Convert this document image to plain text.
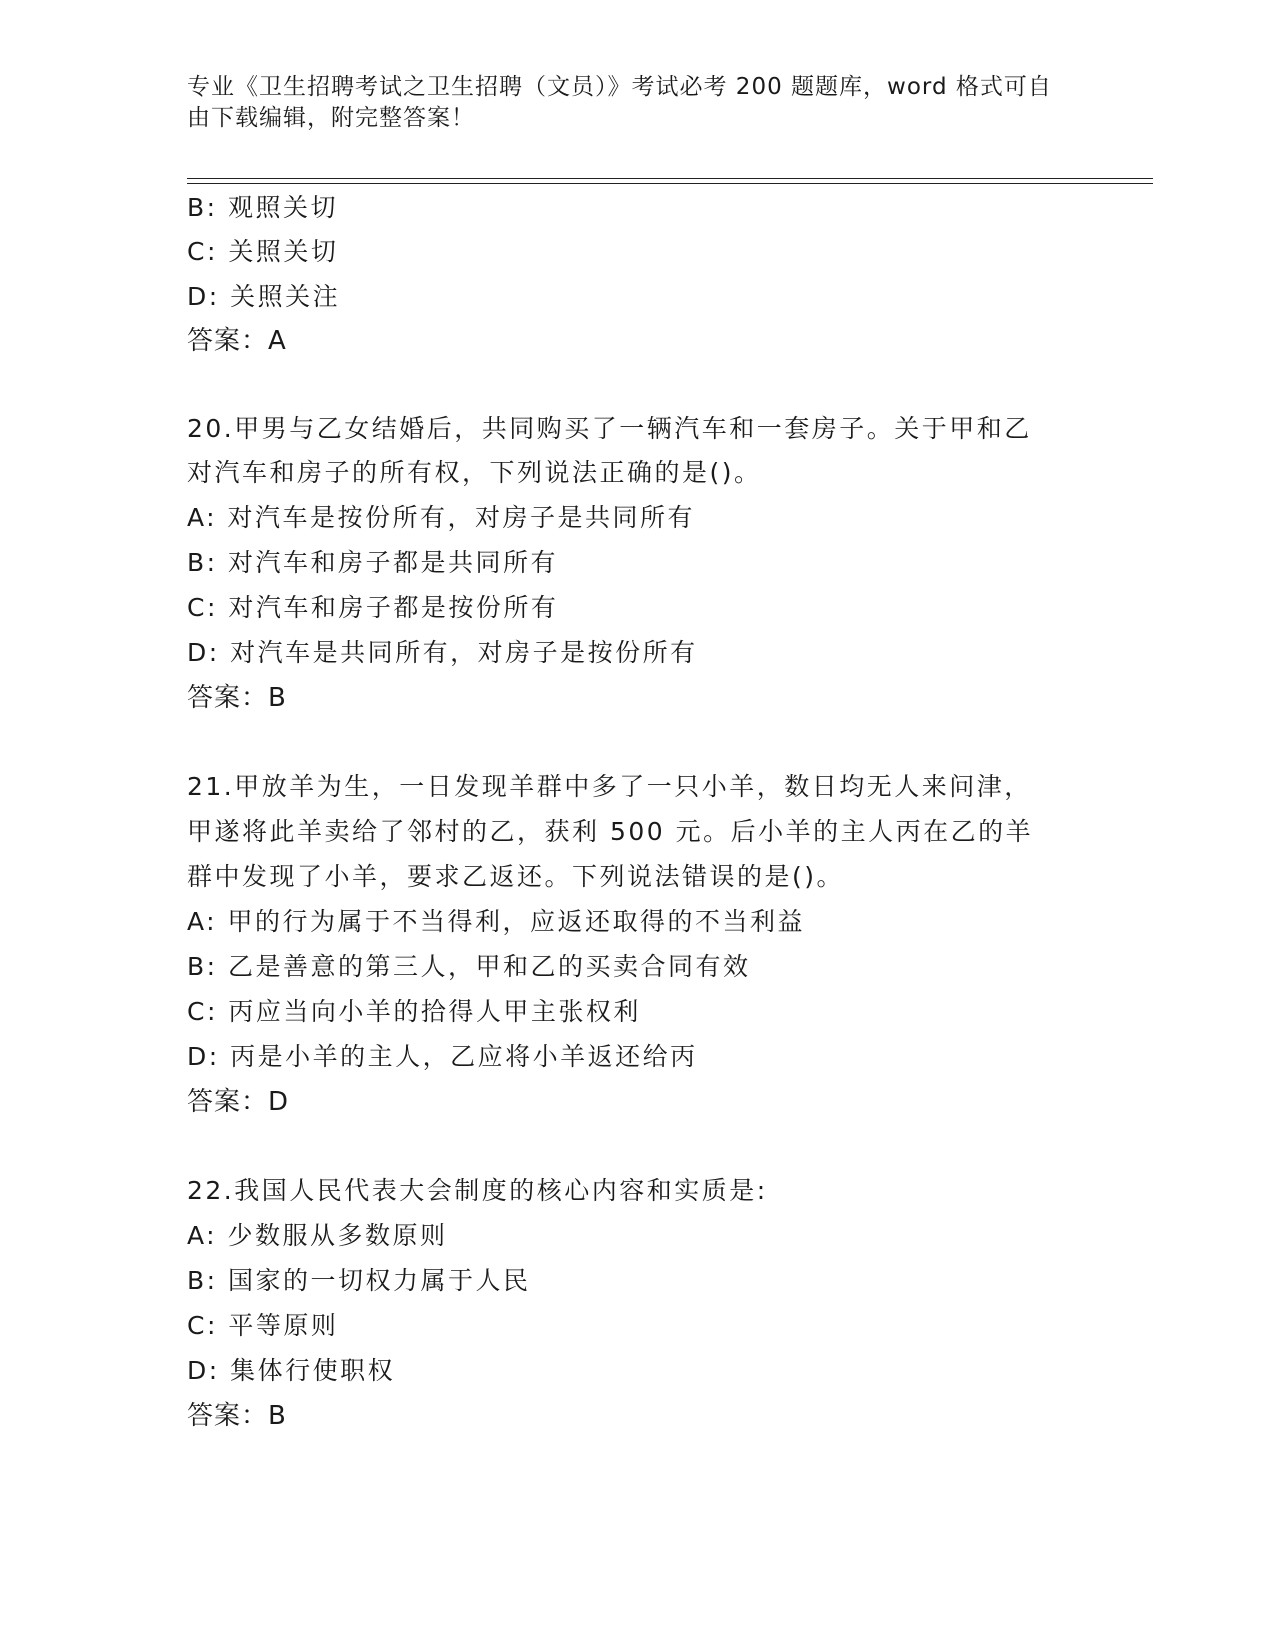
专业《卫生招聘考试之卫生招聘（文员）》考试必考 200 题题库，word 格式可自
由下载编辑，附完整答案！
B: 观照关切
C: 关照关切
D: 关照关注
答案：A
20.甲男与乙女结婚后，共同购买了一辆汽车和一套房子。关于甲和乙
对汽车和房子的所有权，下列说法正确的是()。
A: 对汽车是按份所有，对房子是共同所有
B: 对汽车和房子都是共同所有
C: 对汽车和房子都是按份所有
D: 对汽车是共同所有，对房子是按份所有
答案：B
21.甲放羊为生，一日发现羊群中多了一只小羊，数日均无人来问津，
甲遂将此羊卖给了邻村的乙，获利 500 元。后小羊的主人丙在乙的羊
群中发现了小羊，要求乙返还。下列说法错误的是()。
A: 甲的行为属于不当得利，应返还取得的不当利益
B: 乙是善意的第三人，甲和乙的买卖合同有效
C: 丙应当向小羊的拾得人甲主张权利
D: 丙是小羊的主人，乙应将小羊返还给丙
答案：D
22.我国人民代表大会制度的核心内容和实质是:
A: 少数服从多数原则
B: 国家的一切权力属于人民
C: 平等原则
D: 集体行使职权
答案：B
